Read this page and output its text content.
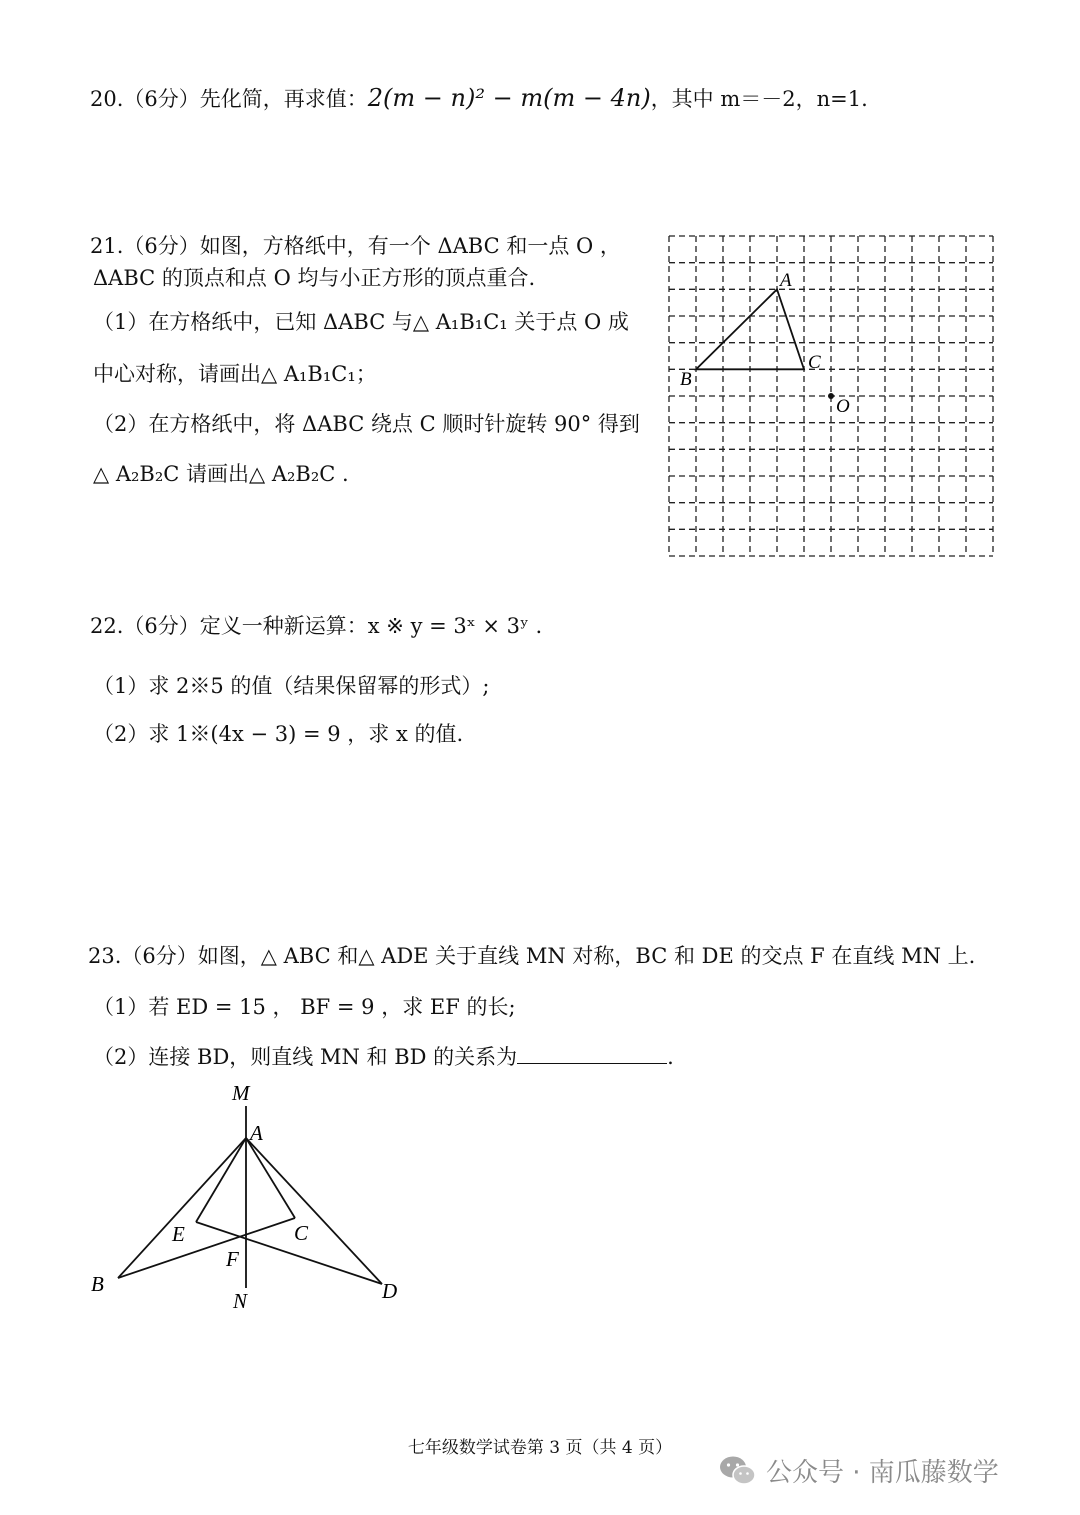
20.（6分）先化简，再求值：2(m − n)² − m(m − 4n)，其中 m＝－2，n=1.
21.（6分）如图，方格纸中，有一个 ΔABC 和一点 O ，
ΔABC 的顶点和点 O 均与小正方形的顶点重合.
（1）在方格纸中，已知 ΔABC 与△ A₁B₁C₁ 关于点 O 成
中心对称，请画出△ A₁B₁C₁；
（2）在方格纸中，将 ΔABC 绕点 C 顺时针旋转 90° 得到
△ A₂B₂C 请画出△ A₂B₂C .
A
B
C
O
22.（6分）定义一种新运算：x ※ y = 3ˣ × 3ʸ .
（1）求 2※5 的值（结果保留幂的形式）;
（2）求 1※(4x − 3) = 9 ，求 x 的值.
23.（6分）如图，△ ABC 和△ ADE 关于直线 MN 对称，BC 和 DE 的交点 F 在直线 MN 上.
（1）若 ED = 15 ， BF = 9 ，求 EF 的长;
（2）连接 BD，则直线 MN 和 BD 的关系为	.
M
A
E	C
F
B
N	D
七年级数学试卷第 3 页（共 4 页）
公众号 · 南瓜藤数学
